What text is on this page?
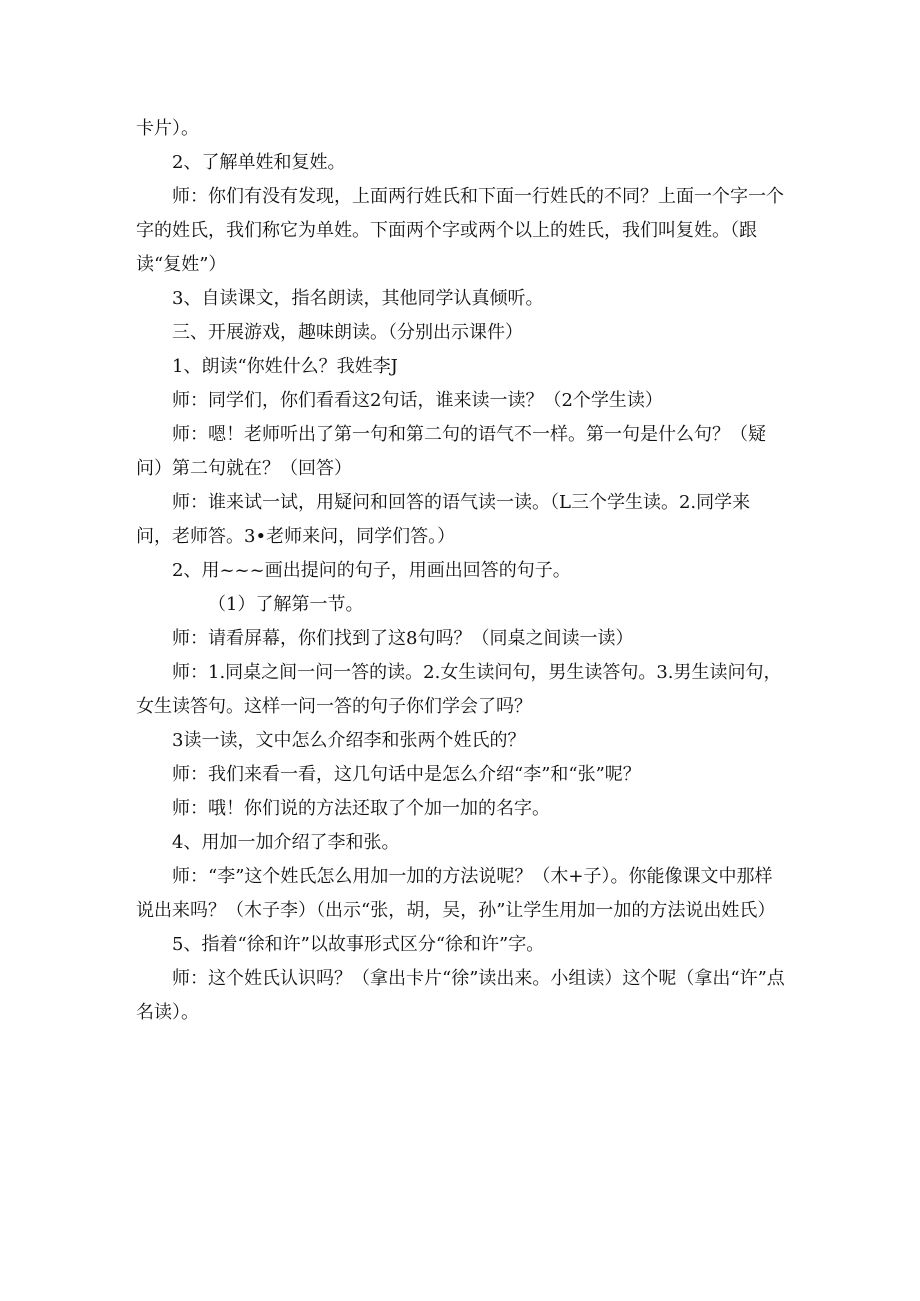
卡片）。

2、了解单姓和复姓。

师：你们有没有发现，上面两行姓氏和下面一行姓氏的不同？上面一个字一个字的姓氏，我们称它为单姓。下面两个字或两个以上的姓氏，我们叫复姓。（跟读“复姓”）

3、自读课文，指名朗读，其他同学认真倾听。

三、开展游戏，趣味朗读。（分别出示课件）

1、朗读“你姓什么？我姓李J

师：同学们，你们看看这2句话，谁来读一读？（2个学生读）

师：嗯！老师听出了第一句和第二句的语气不一样。第一句是什么句？（疑问）第二句就在？（回答）

师：谁来试一试，用疑问和回答的语气读一读。（L三个学生读。2.同学来问，老师答。3•老师来问，同学们答。）

2、用~~~画出提问的句子，用画出回答的句子。

（1）了解第一节。

师：请看屏幕，你们找到了这8句吗？（同桌之间读一读）

师：1.同桌之间一问一答的读。2.女生读问句，男生读答句。3.男生读问句，女生读答句。这样一问一答的句子你们学会了吗？

3读一读，文中怎么介绍李和张两个姓氏的？

师：我们来看一看，这几句话中是怎么介绍“李”和“张”呢？

师：哦！你们说的方法还取了个加一加的名字。

4、用加一加介绍了李和张。

师：“李”这个姓氏怎么用加一加的方法说呢？（木+子）。你能像课文中那样说出来吗？（木子李）（出示“张，胡，吴，孙”让学生用加一加的方法说出姓氏）

5、指着“徐和许”以故事形式区分“徐和许”字。

师：这个姓氏认识吗？（拿出卡片“徐”读出来。小组读）这个呢（拿出“许”点名读）。
